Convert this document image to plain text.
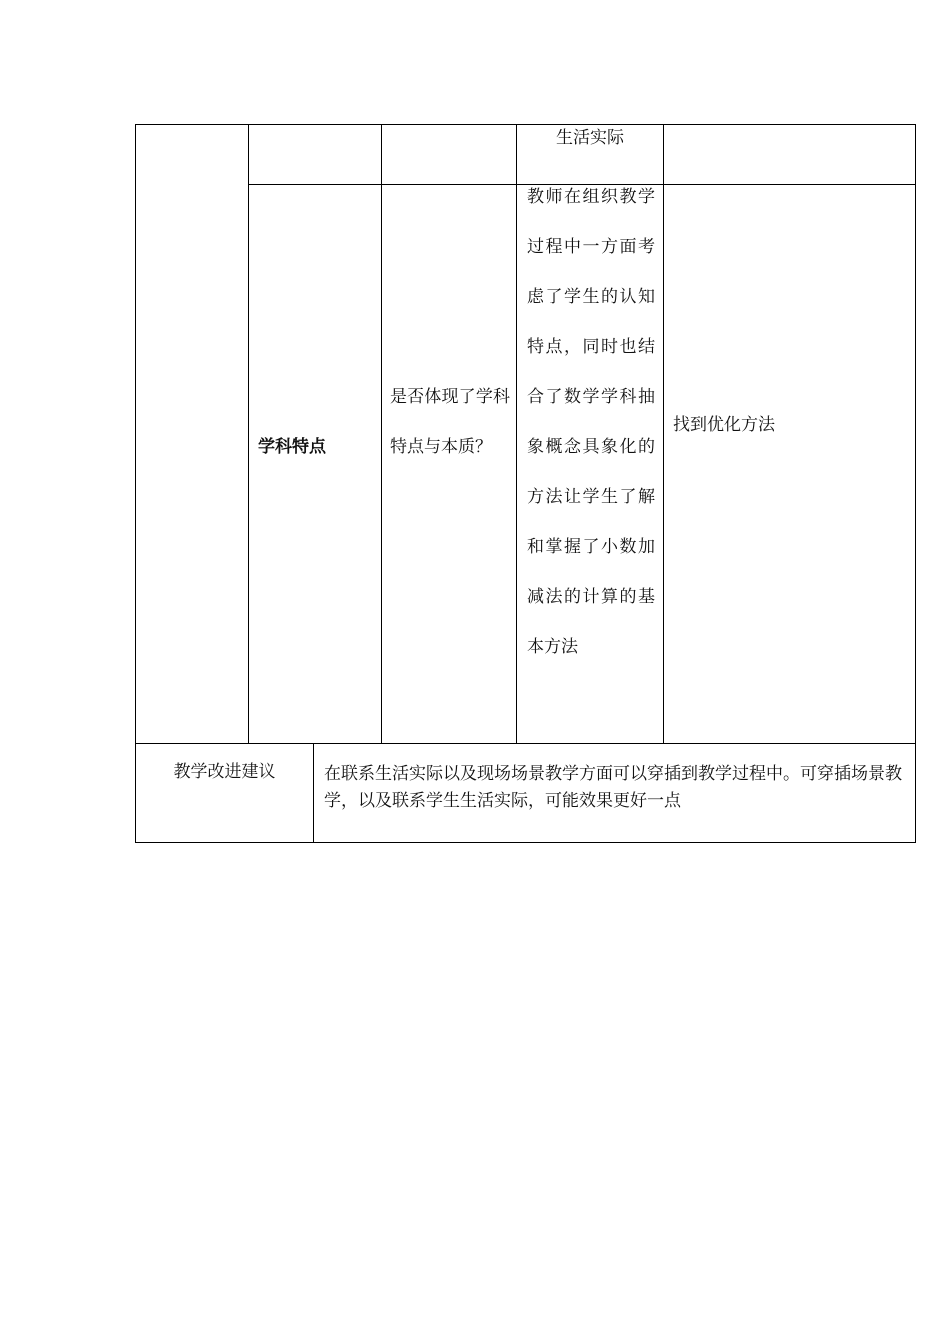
生活实际
学科特点
是否体现了学科特点与本质？
教师在组织教学过程中一方面考虑了学生的认知特点，同时也结合了数学学科抽象概念具象化的方法让学生了解和掌握了小数加减法的计算的基本方法
找到优化方法
教学改进建议	在联系生活实际以及现场场景教学方面可以穿插到教学过程中。可穿插场景教学，以及联系学生生活实际，可能效果更好一点
